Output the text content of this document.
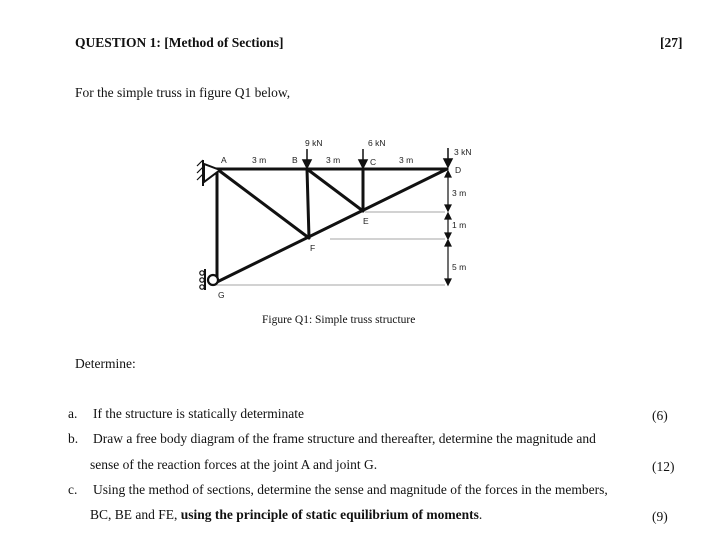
QUESTION 1: [Method of Sections]	[27]
For the simple truss in figure Q1 below,
9 kN	6 kN
3 kN
3 m	3 m	3 m
3 m
1 m
5 m
A	B	C
D
E
F
G
Figure Q1: Simple truss structure
Determine:
a. If the structure is statically determinate	(6)
b. Draw a free body diagram of the frame structure and thereafter, determine the magnitude and
sense of the reaction forces at the joint A and joint G.	(12)
c. Using the method of sections, determine the sense and magnitude of the forces in the members,
BC, BE and FE, using the principle of static equilibrium of moments.	(9)
